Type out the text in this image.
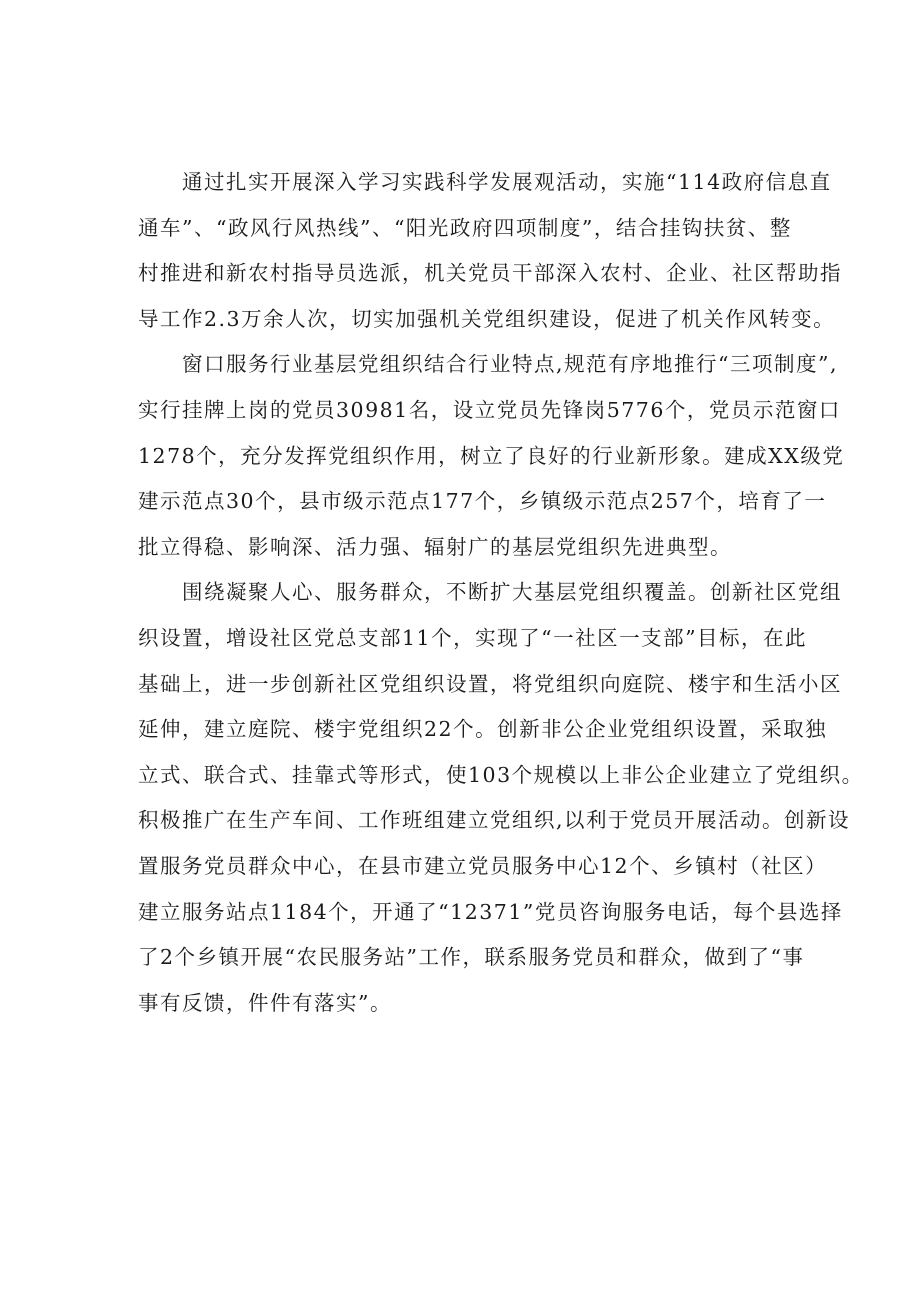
通过扎实开展深入学习实践科学发展观活动，实施“114政府信息直
通车”、“政风行风热线”、“阳光政府四项制度”，结合挂钩扶贫、整
村推进和新农村指导员选派，机关党员干部深入农村、企业、社区帮助指
导工作2.3万余人次，切实加强机关党组织建设，促进了机关作风转变。
窗口服务行业基层党组织结合行业特点,规范有序地推行“三项制度”,
实行挂牌上岗的党员30981名，设立党员先锋岗5776个，党员示范窗口
1278个，充分发挥党组织作用，树立了良好的行业新形象。建成XX级党
建示范点30个，县市级示范点177个，乡镇级示范点257个，培育了一
批立得稳、影响深、活力强、辐射广的基层党组织先进典型。
围绕凝聚人心、服务群众，不断扩大基层党组织覆盖。创新社区党组
织设置，增设社区党总支部11个，实现了“一社区一支部”目标，在此
基础上，进一步创新社区党组织设置，将党组织向庭院、楼宇和生活小区
延伸，建立庭院、楼宇党组织22个。创新非公企业党组织设置，采取独
立式、联合式、挂靠式等形式，使103个规模以上非公企业建立了党组织。
积极推广在生产车间、工作班组建立党组织,以利于党员开展活动。创新设
置服务党员群众中心，在县市建立党员服务中心12个、乡镇村（社区）
建立服务站点1184个，开通了“12371”党员咨询服务电话，每个县选择
了2个乡镇开展“农民服务站”工作，联系服务党员和群众，做到了“事
事有反馈，件件有落实”。
